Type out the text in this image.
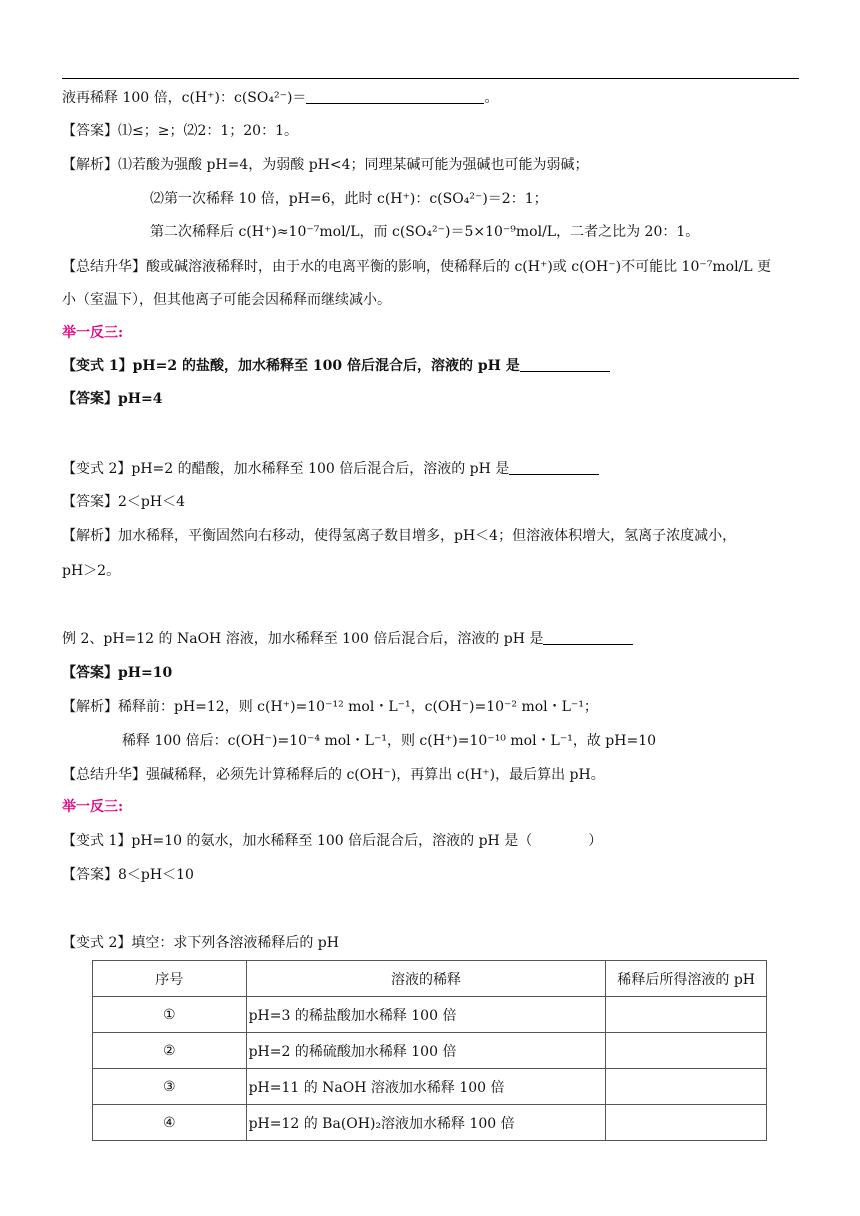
液再稀释 100 倍，c(H⁺)：c(SO₄²⁻)＝	。
【答案】⑴≤；≥；⑵2：1；20：1。
【解析】⑴若酸为强酸 pH=4，为弱酸 pH<4；同理某碱可能为强碱也可能为弱碱；
⑵第一次稀释 10 倍，pH=6，此时 c(H⁺)：c(SO₄²⁻)＝2：1；
第二次稀释后 c(H⁺)≈10⁻⁷mol/L，而 c(SO₄²⁻)＝5×10⁻⁹mol/L，二者之比为 20：1。
【总结升华】酸或碱溶液稀释时，由于水的电离平衡的影响，使稀释后的 c(H⁺)或 c(OH⁻)不可能比 10⁻⁷mol/L 更
小（室温下），但其他离子可能会因稀释而继续减小。
举一反三:
【变式 1】pH=2 的盐酸，加水稀释至 100 倍后混合后，溶液的 pH 是
【答案】pH=4
【变式 2】pH=2 的醋酸，加水稀释至 100 倍后混合后，溶液的 pH 是
【答案】2＜pH＜4
【解析】加水稀释，平衡固然向右移动，使得氢离子数目增多，pH＜4；但溶液体积增大，氢离子浓度减小，
pH＞2。
例 2、pH=12 的 NaOH 溶液，加水稀释至 100 倍后混合后，溶液的 pH 是
【答案】pH=10
【解析】稀释前：pH=12，则 c(H⁺)=10⁻¹² mol・L⁻¹，c(OH⁻)=10⁻² mol・L⁻¹；
稀释 100 倍后：c(OH⁻)=10⁻⁴ mol・L⁻¹，则 c(H⁺)=10⁻¹⁰ mol・L⁻¹，故 pH=10
【总结升华】强碱稀释，必须先计算稀释后的 c(OH⁻)，再算出 c(H⁺)，最后算出 pH。
举一反三:
【变式 1】pH=10 的氨水，加水稀释至 100 倍后混合后，溶液的 pH 是（	）
【答案】8＜pH＜10
【变式 2】填空：求下列各溶液稀释后的 pH
序号	溶液的稀释	稀释后所得溶液的 pH
①	pH=3 的稀盐酸加水稀释 100 倍	
②	pH=2 的稀硫酸加水稀释 100 倍	
③	pH=11 的 NaOH 溶液加水稀释 100 倍	
④	pH=12 的 Ba(OH)₂溶液加水稀释 100 倍	
